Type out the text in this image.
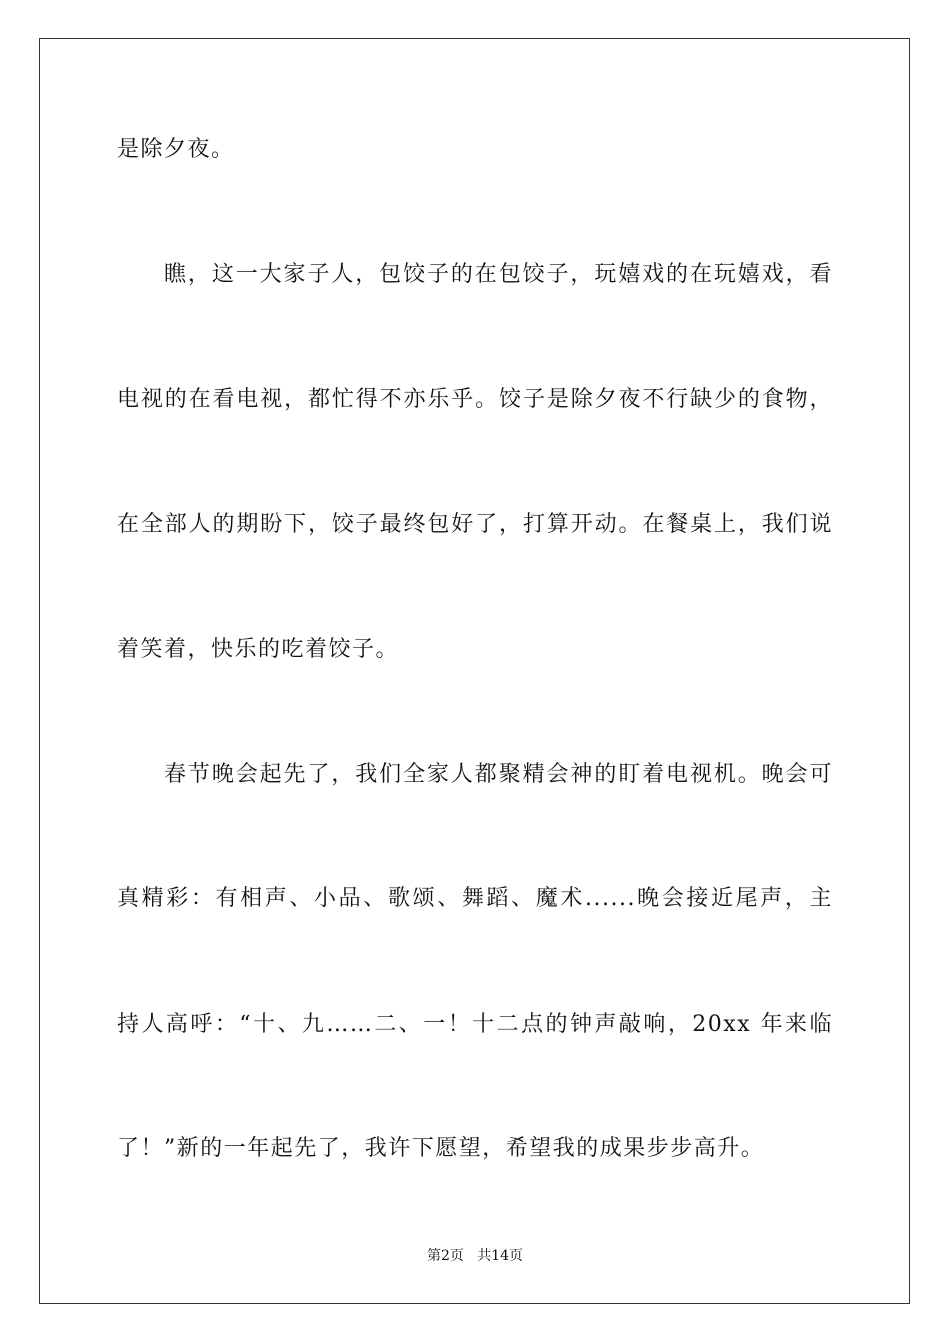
是除夕夜。
瞧，这一大家子人，包饺子的在包饺子，玩嬉戏的在玩嬉戏，看
电视的在看电视，都忙得不亦乐乎。饺子是除夕夜不行缺少的食物，
在全部人的期盼下，饺子最终包好了，打算开动。在餐桌上，我们说
着笑着，快乐的吃着饺子。
春节晚会起先了，我们全家人都聚精会神的盯着电视机。晚会可
真精彩：有相声、小品、歌颂、舞蹈、魔术......晚会接近尾声，主
持人高呼：“十、九……二、一！十二点的钟声敲响，20xx 年来临
了！”新的一年起先了，我许下愿望，希望我的成果步步高升。
第2页   共14页
